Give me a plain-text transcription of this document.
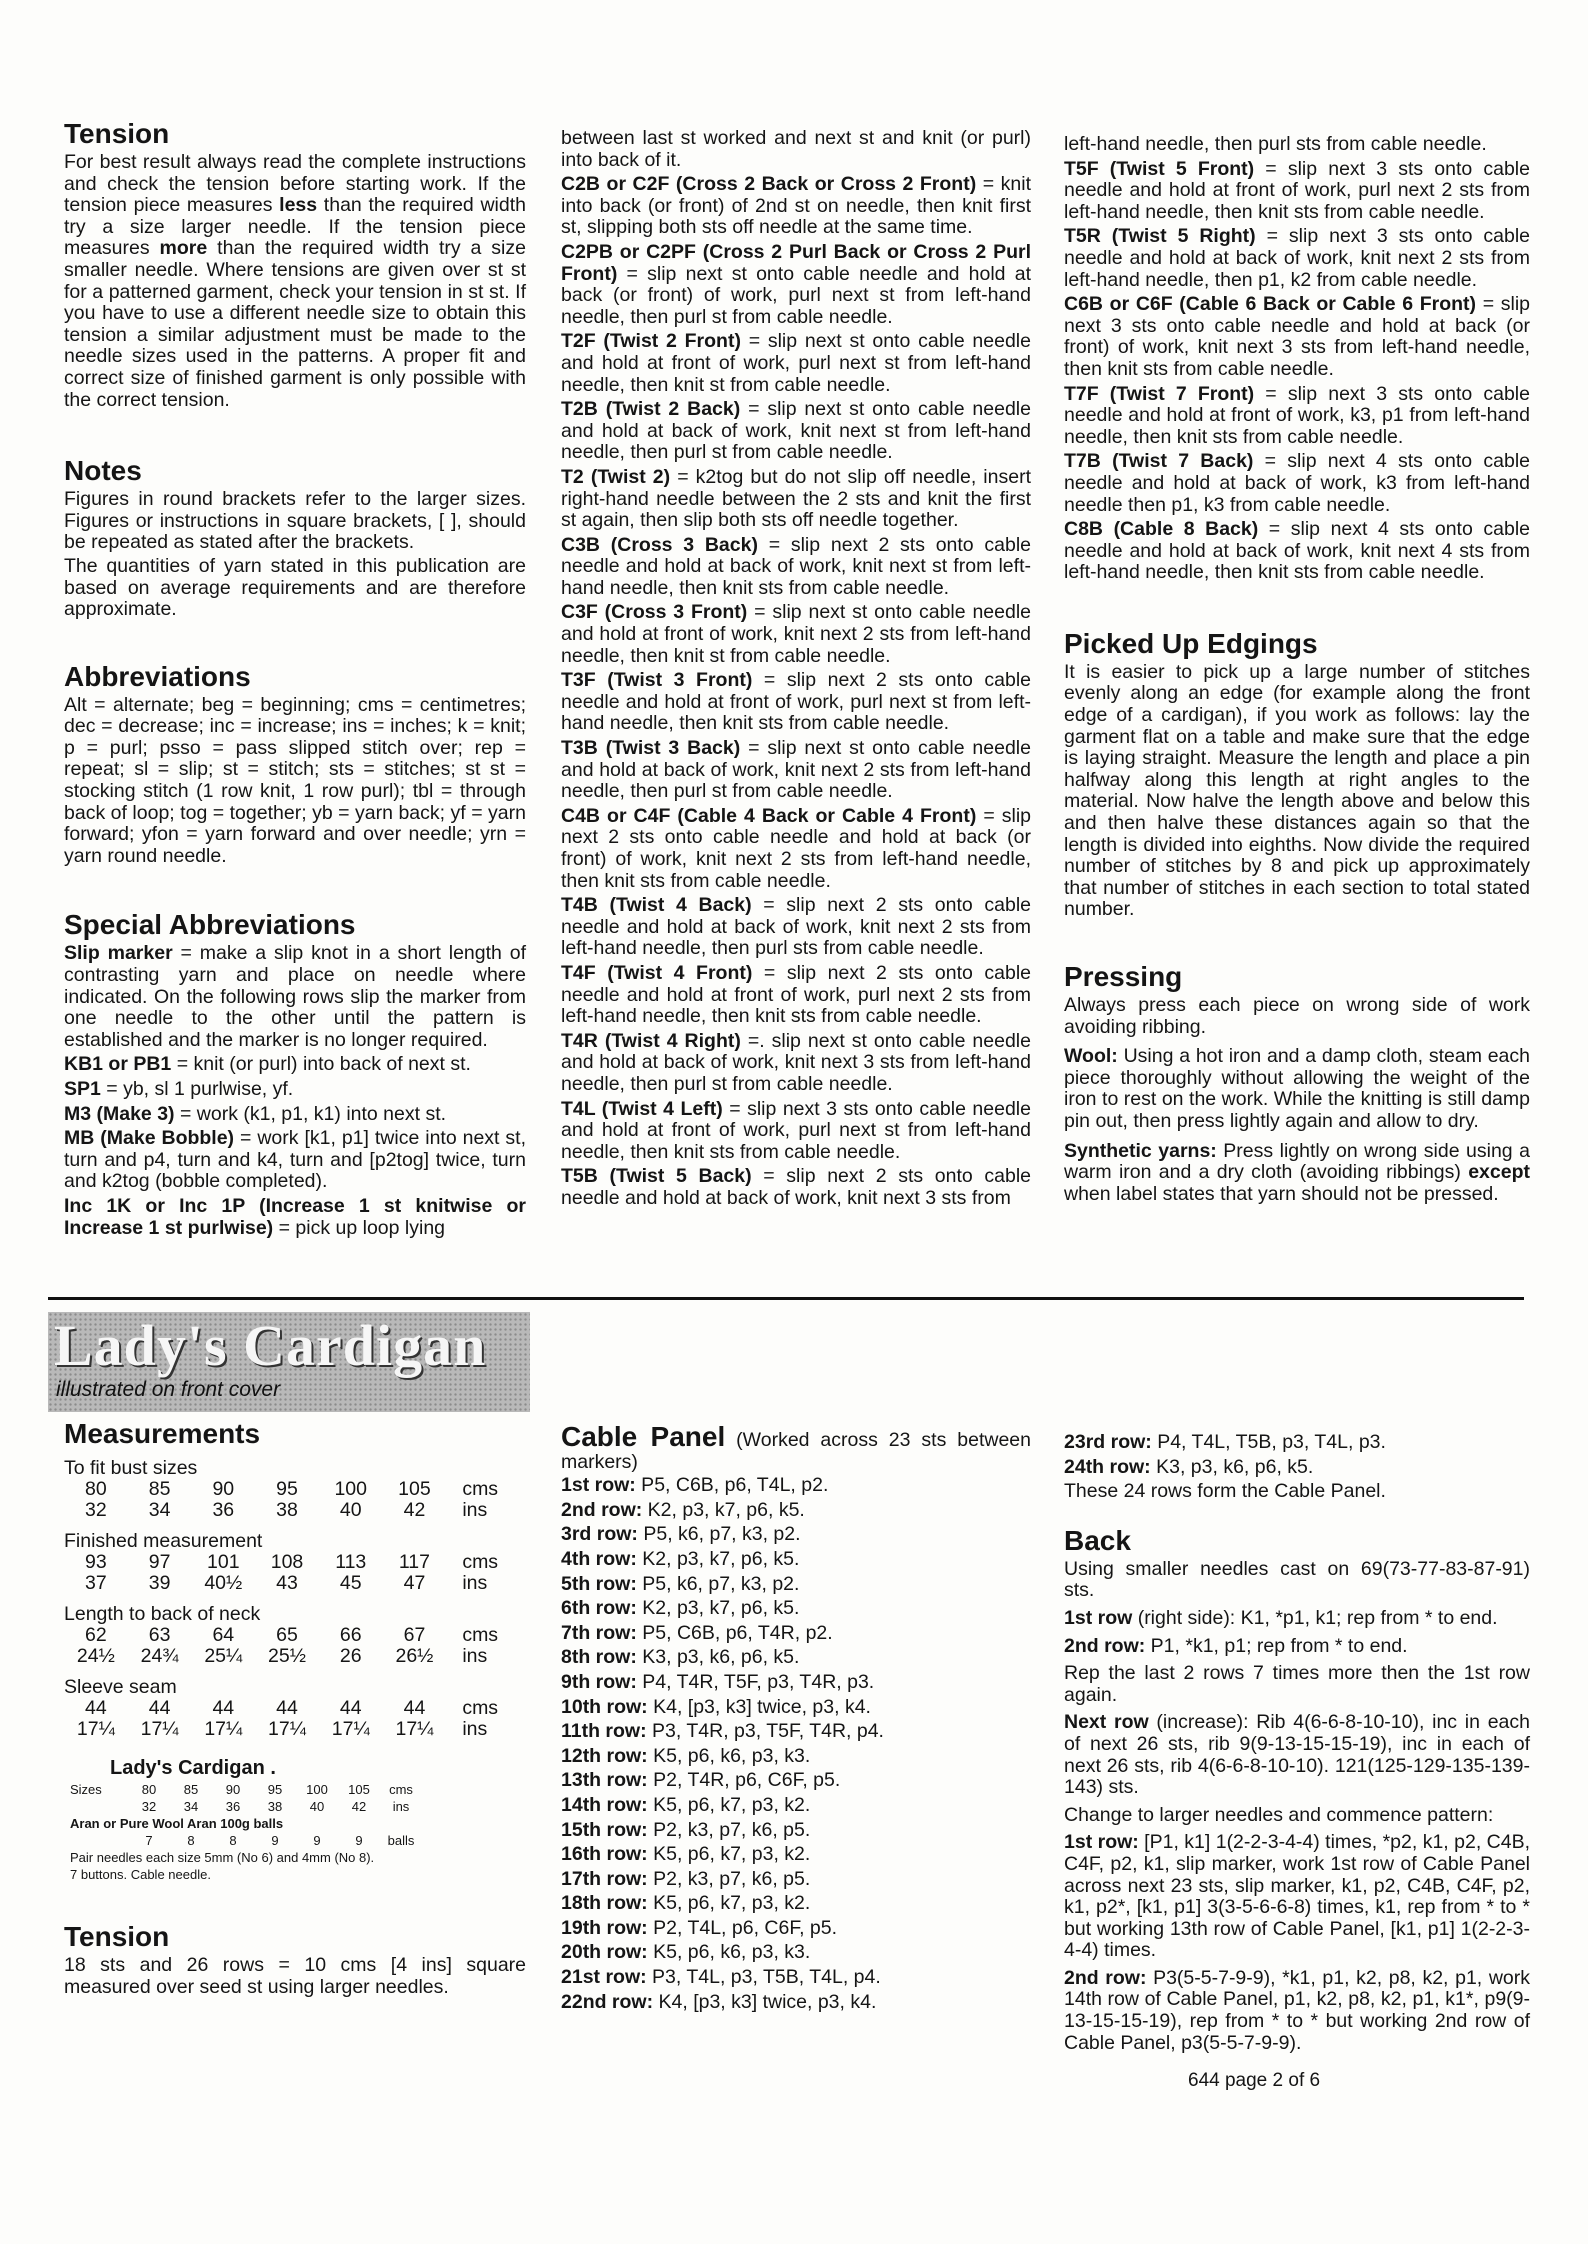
Tension

For best result always read the complete instructions and check the tension before starting work. If the tension piece measures less than the required width try a size larger needle. If the tension piece measures more than the required width try a size smaller needle. Where tensions are given over st st for a patterned garment, check your tension in st st. If you have to use a different needle size to obtain this tension a similar adjustment must be made to the needle sizes used in the patterns. A proper fit and correct size of finished garment is only possible with the correct tension.

Notes

Figures in round brackets refer to the larger sizes. Figures or instructions in square brackets, [ ], should be repeated as stated after the brackets.

The quantities of yarn stated in this publication are based on average requirements and are therefore approximate.

Abbreviations

Alt = alternate; beg = beginning; cms = centimetres; dec = decrease; inc = increase; ins = inches; k = knit; p = purl; psso = pass slipped stitch over; rep = repeat; sl = slip; st = stitch; sts = stitches; st st = stocking stitch (1 row knit, 1 row purl); tbl = through back of loop; tog = together; yb = yarn back; yf = yarn forward; yfon = yarn forward and over needle; yrn = yarn round needle.

Special Abbreviations

Slip marker = make a slip knot in a short length of contrasting yarn and place on needle where indicated. On the following rows slip the marker from one needle to the other until the pattern is established and the marker is no longer required.

KB1 or PB1 = knit (or purl) into back of next st.

SP1 = yb, sl 1 purlwise, yf.

M3 (Make 3) = work (k1, p1, k1) into next st.

MB (Make Bobble) = work [k1, p1] twice into next st, turn and p4, turn and k4, turn and [p2tog] twice, turn and k2tog (bobble completed).

Inc 1K or Inc 1P (Increase 1 st knitwise or Increase 1 st purlwise) = pick up loop lying

between last st worked and next st and knit (or purl) into back of it.

C2B or C2F (Cross 2 Back or Cross 2 Front) = knit into back (or front) of 2nd st on needle, then knit first st, slipping both sts off needle at the same time.

C2PB or C2PF (Cross 2 Purl Back or Cross 2 Purl Front) = slip next st onto cable needle and hold at back (or front) of work, purl next st from left-hand needle, then purl st from cable needle.

T2F (Twist 2 Front) = slip next st onto cable needle and hold at front of work, purl next st from left-hand needle, then knit st from cable needle.

T2B (Twist 2 Back) = slip next st onto cable needle and hold at back of work, knit next st from left-hand needle, then purl st from cable needle.

T2 (Twist 2) = k2tog but do not slip off needle, insert right-hand needle between the 2 sts and knit the first st again, then slip both sts off needle together.

C3B (Cross 3 Back) = slip next 2 sts onto cable needle and hold at back of work, knit next st from left-hand needle, then knit sts from cable needle.

C3F (Cross 3 Front) = slip next st onto cable needle and hold at front of work, knit next 2 sts from left-hand needle, then knit st from cable needle.

T3F (Twist 3 Front) = slip next 2 sts onto cable needle and hold at front of work, purl next st from left-hand needle, then knit sts from cable needle.

T3B (Twist 3 Back) = slip next st onto cable needle and hold at back of work, knit next 2 sts from left-hand needle, then purl st from cable needle.

C4B or C4F (Cable 4 Back or Cable 4 Front) = slip next 2 sts onto cable needle and hold at back (or front) of work, knit next 2 sts from left-hand needle, then knit sts from cable needle.

T4B (Twist 4 Back) = slip next 2 sts onto cable needle and hold at back of work, knit next 2 sts from left-hand needle, then purl sts from cable needle.

T4F (Twist 4 Front) = slip next 2 sts onto cable needle and hold at front of work, purl next 2 sts from left-hand needle, then knit sts from cable needle.

T4R (Twist 4 Right) =. slip next st onto cable needle and hold at back of work, knit next 3 sts from left-hand needle, then purl st from cable needle.

T4L (Twist 4 Left) = slip next 3 sts onto cable needle and hold at front of work, purl next st from left-hand needle, then knit sts from cable needle.

T5B (Twist 5 Back) = slip next 2 sts onto cable needle and hold at back of work, knit next 3 sts from

left-hand needle, then purl sts from cable needle.

T5F (Twist 5 Front) = slip next 3 sts onto cable needle and hold at front of work, purl next 2 sts from left-hand needle, then knit sts from cable needle.

T5R (Twist 5 Right) = slip next 3 sts onto cable needle and hold at back of work, knit next 2 sts from left-hand needle, then p1, k2 from cable needle.

C6B or C6F (Cable 6 Back or Cable 6 Front) = slip next 3 sts onto cable needle and hold at back (or front) of work, knit next 3 sts from left-hand needle, then knit sts from cable needle.

T7F (Twist 7 Front) = slip next 3 sts onto cable needle and hold at front of work, k3, p1 from left-hand needle, then knit sts from cable needle.

T7B (Twist 7 Back) = slip next 4 sts onto cable needle and hold at back of work, k3 from left-hand needle then p1, k3 from cable needle.

C8B (Cable 8 Back) = slip next 4 sts onto cable needle and hold at back of work, knit next 4 sts from left-hand needle, then knit sts from cable needle.

Picked Up Edgings

It is easier to pick up a large number of stitches evenly along an edge (for example along the front edge of a cardigan), if you work as follows: lay the garment flat on a table and make sure that the edge is laying straight. Measure the length and place a pin halfway along this length at right angles to the material. Now halve the length above and below this and then halve these distances again so that the length is divided into eighths. Now divide the required number of stitches by 8 and pick up approximately that number of stitches in each section to total stated number.

Pressing

Always press each piece on wrong side of work avoiding ribbing.

Wool: Using a hot iron and a damp cloth, steam each piece thoroughly without allowing the weight of the iron to rest on the work. While the knitting is still damp pin out, then press lightly again and allow to dry.

Synthetic yarns: Press lightly on wrong side using a warm iron and a dry cloth (avoiding ribbings) except when label states that yarn should not be pressed.

Lady's Cardigan
illustrated on front cover
Measurements
To fit bust sizes
80	85	90	95	100	105	cms
32	34	36	38	40	42	ins
Finished measurement
93	97	101	108	113	117	cms
37	39	40½	43	45	47	ins
Length to back of neck
62	63	64	65	66	67	cms
24½	24¾	25¼	25½	26	26½	ins
Sleeve seam
44	44	44	44	44	44	cms
17¼	17¼	17¼	17¼	17¼	17¼	ins
Lady's Cardigan .
Sizes	80	85	90	95	100	105	cms
32	34	36	38	40	42	ins
Aran or Pure Wool Aran 100g balls
7	8	8	9	9	9	balls
Pair needles each size 5mm (No 6) and 4mm (No 8).
7 buttons. Cable needle.
Tension

18 sts and 26 rows = 10 cms [4 ins] square measured over seed st using larger needles.

Cable Panel (Worked across 23 sts between markers)

1st row: P5, C6B, p6, T4L, p2.

2nd row: K2, p3, k7, p6, k5.

3rd row: P5, k6, p7, k3, p2.

4th row: K2, p3, k7, p6, k5.

5th row: P5, k6, p7, k3, p2.

6th row: K2, p3, k7, p6, k5.

7th row: P5, C6B, p6, T4R, p2.

8th row: K3, p3, k6, p6, k5.

9th row: P4, T4R, T5F, p3, T4R, p3.

10th row: K4, [p3, k3] twice, p3, k4.

11th row: P3, T4R, p3, T5F, T4R, p4.

12th row: K5, p6, k6, p3, k3.

13th row: P2, T4R, p6, C6F, p5.

14th row: K5, p6, k7, p3, k2.

15th row: P2, k3, p7, k6, p5.

16th row: K5, p6, k7, p3, k2.

17th row: P2, k3, p7, k6, p5.

18th row: K5, p6, k7, p3, k2.

19th row: P2, T4L, p6, C6F, p5.

20th row: K5, p6, k6, p3, k3.

21st row: P3, T4L, p3, T5B, T4L, p4.

22nd row: K4, [p3, k3] twice, p3, k4.

23rd row: P4, T4L, T5B, p3, T4L, p3.

24th row: K3, p3, k6, p6, k5.

These 24 rows form the Cable Panel.

Back

Using smaller needles cast on 69(73-77-83-87-91) sts.

1st row (right side): K1, *p1, k1; rep from * to end.

2nd row: P1, *k1, p1; rep from * to end.

Rep the last 2 rows 7 times more then the 1st row again.

Next row (increase): Rib 4(6-6-8-10-10), inc in each of next 26 sts, rib 9(9-13-15-15-19), inc in each of next 26 sts, rib 4(6-6-8-10-10). 121(125-129-135-139-143) sts.

Change to larger needles and commence pattern:

1st row: [P1, k1] 1(2-2-3-4-4) times, *p2, k1, p2, C4B, C4F, p2, k1, slip marker, work 1st row of Cable Panel across next 23 sts, slip marker, k1, p2, C4B, C4F, p2, k1, p2*, [k1, p1] 3(3-5-6-6-8) times, k1, rep from * to * but working 13th row of Cable Panel, [k1, p1] 1(2-2-3-4-4) times.

2nd row: P3(5-5-7-9-9), *k1, p1, k2, p8, k2, p1, work 14th row of Cable Panel, p1, k2, p8, k2, p1, k1*, p9(9-13-15-15-19), rep from * to * but working 2nd row of Cable Panel, p3(5-5-7-9-9).

644 page 2 of 6
